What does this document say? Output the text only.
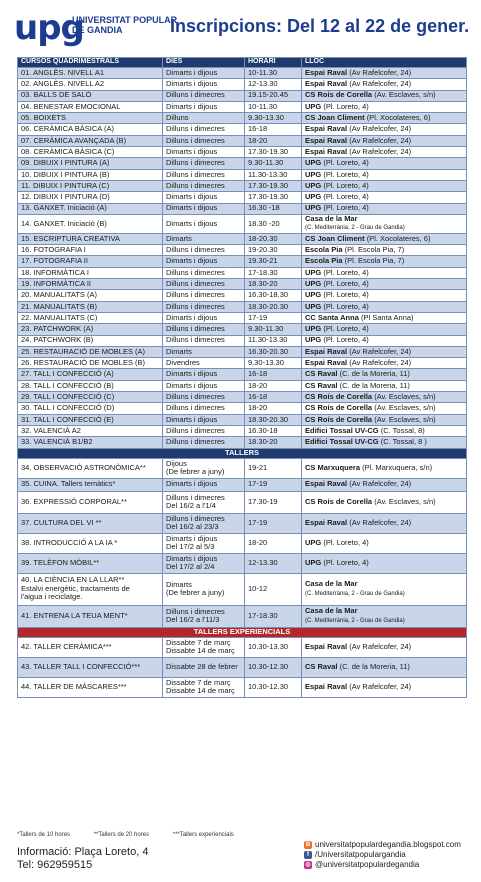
upg
UNIVERSITAT POPULAR
DE GANDIA	Inscripcions: Del 12 al 22 de gener.
CURSOS QUADRIMESTRALS	DIES	HORARI	LLOC
01. ANGLÈS. NIVELL A1	Dimarts i dijous	10-11.30	Espai Raval (Av Rafelcofer, 24)
02. ANGLÈS. NIVELL A2	Dimarts i dijous	12-13.30	Espai Raval (Av Rafelcofer, 24)
03. BALLS DE SALÓ	Dilluns i dimecres	19.15-20.45	CS Roís de Corella (Av. Esclaves, s/n)
04. BENESTAR EMOCIONAL	Dimarts i dijous	10-11.30	UPG (Pl. Loreto, 4)
05. BOIXETS	Dilluns	9.30-13.30	CS Joan Climent (Pl. Xocolateres, 6)
06. CERÀMICA BÀSICA (A)	Dilluns i dimecres	16-18	Espai Raval (Av Rafelcofer, 24)
07. CERÀMICA AVANÇADA (B)	Dilluns i dimecres	18-20	Espai Raval (Av Rafelcofer, 24)
08. CERÀMICA BÀSICA (C)	Dimarts i dijous	17.30-19.30	Espai Raval (Av Rafelcofer, 24)
09. DIBUIX I PINTURA (A)	Dilluns i dimecres	9.30-11.30	UPG (Pl. Loreto, 4)
10. DIBUIX I PINTURA (B)	Dilluns i dimecres	11.30-13.30	UPG (Pl. Loreto, 4)
11. DIBUIX I PINTURA (C)	Dilluns i dimecres	17.30-19.30	UPG (Pl. Loreto, 4)
12. DIBUIX I PINTURA (D)	Dimarts i dijous	17.30-19.30	UPG (Pl. Loreto, 4)
13. GANXET. Iniciació (A)	Dimarts i dijous	16.30 -18	UPG (Pl. Loreto, 4)
14. GANXET. Iniciació (B)	Dimarts i dijous	18.30 -20	Casa de la Mar
(C. Mediterrània, 2 - Grau de Gandia)
15. ESCRIPTURA CREATIVA	Dimarts	18-20.30	CS Joan Climent (Pl. Xocolateres, 6)
16. FOTOGRAFIA I	Dilluns i dimecres	19-20.30	Escola Pia (Pl. Escola Pia, 7)
17. FOTOGRAFIA II	Dimarts i dijous	19.30-21	Escola Pia (Pl. Escola Pia, 7)
18. INFORMÀTICA I	Dilluns i dimecres	17-18.30	UPG (Pl. Loreto, 4)
19. INFORMÀTICA II	Dilluns i dimecres	18.30-20	UPG (Pl. Loreto, 4)
20. MANUALITATS (A)	Dilluns i dimecres	16.30-18.30	UPG (Pl. Loreto, 4)
21. MANUALITATS (B)	Dilluns i dimecres	18.30-20.30	UPG (Pl. Loreto, 4)
22. MANUALITATS (C)	Dimarts i dijous	17-19	CC Santa Anna (Pl Santa Anna)
23. PATCHWORK (A)	Dilluns i dimecres	9.30-11.30	UPG (Pl. Loreto, 4)
24. PATCHWORK (B)	Dilluns i dimecres	11.30-13.30	UPG (Pl. Loreto, 4)
25. RESTAURACIÓ DE MOBLES (A)	Dimarts	16.30-20.30	Espai Raval (Av Rafelcofer, 24)
26. RESTAURACIÓ DE MOBLES (B)	Divendres	9.30-13.30	Espai Raval (Av Rafelcofer, 24)
27. TALL I CONFECCIÓ (A)	Dimarts i dijous	16-18	CS Raval (C. de la Moreria, 11)
28. TALL I CONFECCIÓ (B)	Dimarts i dijous	18-20	CS Raval (C. de la Moreria, 11)
29. TALL I CONFECCIÓ (C)	Dilluns i dimecres	16-18	CS Roís de Corella (Av. Esclaves, s/n)
30. TALL I CONFECCIÓ (D)	Dilluns i dimecres	18-20	CS Roís de Corella (Av. Esclaves, s/n)
31. TALL I CONFECCIÓ (E)	Dimarts i dijous	18.30-20.30	CS Roís de Corella (Av. Esclaves, s/n)
32. VALENCIÀ A2	Dilluns i dimecres	16.30-18	Edifici Tossal UV-CG (C. Tossal, 8)
33. VALENCIÀ B1/B2	Dilluns i dimecres	18.30-20	Edifici Tossal UV-CG (C. Tossal, 8 )
TALLERS			
34. OBSERVACIÓ ASTRONÒMICA**	Dijous
(De febrer a juny)	19-21	CS Marxuquera (Pl. Marxuquera, s/n)
35. CUINA. Tallers temàtics*	Dimarts i dijous	17-19	Espai Raval (Av Rafelcofer, 24)
36. EXPRESSIÓ CORPORAL**	Dilluns i dimecres
Del 16/2 a l'1/4	17.30-19	CS Roís de Corella (Av. Esclaves, s/n)
37. CULTURA DEL VI **	Dilluns i dimecres
Del 16/2 al 23/3	17-19	Espai Raval (Av Rafelcofer, 24)
38. INTRODUCCIÓ A LA IA *	Dimarts i dijous
Del 17/2 al 5/3	18-20	UPG (Pl. Loreto, 4)
39. TELÈFON MÒBIL**	Dimarts i dijous
Del 17/2 al 2/4	12-13.30	UPG (Pl. Loreto, 4)
40. LA CIÈNCIA EN LA LLAR**
Estalvi energètic, tractaments de
l'aigua i reciclatge.	Dimarts
(De febrer a juny)	10-12	Casa de la Mar
(C. Mediterrània, 2 - Grau de Gandia)
41. ENTRENA LA TEUA MENT*	Dilluns i dimecres
Del 16/2 a l'11/3	17-18.30	Casa de la Mar
(C. Mediterrània, 2 - Grau de Gandia)
TALLERS EXPERIENCIALS			
42. TALLER CERÀMICA***	Dissabte 7 de març
Dissabte 14 de març	10.30-13.30	Espai Raval (Av Rafelcofer, 24)
43. TALLER TALL I CONFECCIÓ***	Dissabte 28 de febrer	10.30-12.30	CS Raval (C. de la Moreria, 11)
44. TALLER DE MÀSCARES***	Dissabte 7 de març
Dissabte 14 de març	10.30-12.30	Espai Raval (Av Rafelcofer, 24)
*Tallers de 10 hores	**Tallers de 20 hores	***Tallers experiencials
Informació: Plaça Loreto, 4
Tel: 962959515
B universitatpopulardegandia.blogspot.com
f /Universitatpopulargandia
◎ @universitatpopulardegandia
